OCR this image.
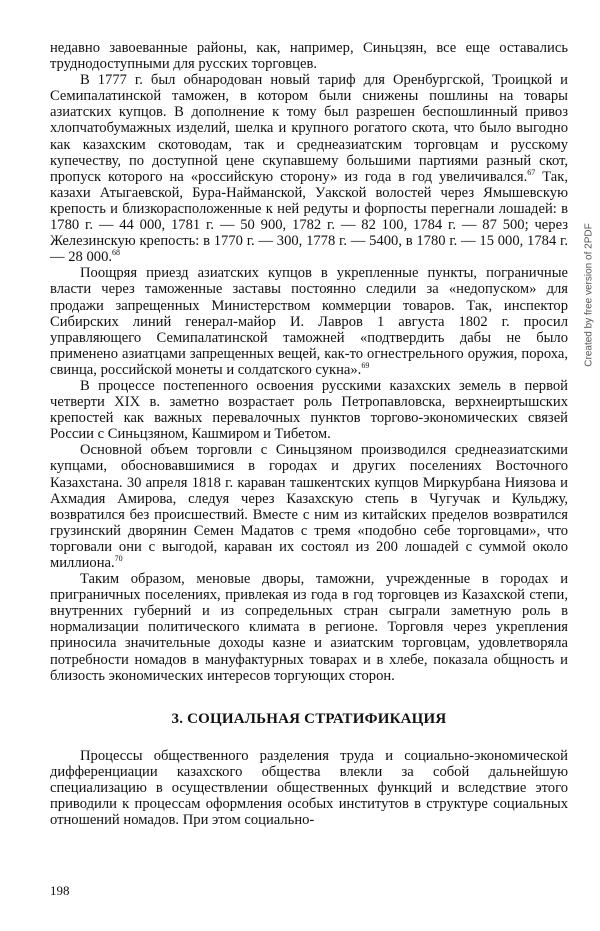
Created by free version of 2PDF

недавно завоеванные районы, как, например, Синьцзян, все еще оставались труднодоступными для русских торговцев.

В 1777 г. был обнародован новый тариф для Оренбургской, Троицкой и Семипалатинской таможен, в котором были снижены пошлины на товары азиатских купцов. В дополнение к тому был разрешен беспошлинный привоз хлопчатобумажных изделий, шелка и крупного рогатого скота, что было выгодно как казахским скотоводам, так и среднеазиатским торговцам и русскому купечеству, по доступной цене скупавшему большими партиями разный скот, пропуск которого на «российскую сторону» из года в год увеличивался.$^{67}$ Так, казахи Атыгаевской, Бура-Найманской, Уакской волостей через Ямышевскую крепость и близкорасположенные к ней редуты и форпосты перегнали лошадей: в 1780 г. — 44 000, 1781 г. — 50 900, 1782 г. — 82 100, 1784 г. — 87 500; через Железинскую крепость: в 1770 г. — 300, 1778 г. — 5400, в 1780 г. — 15 000, 1784 г. — 28 000.68

Поощряя приезд азиатских купцов в укрепленные пункты, пограничные власти через таможенные заставы постоянно следили за «недопуском» для продажи запрещенных Министерством коммерции товаров. Так, инспектор Сибирских линий генерал-майор И. Лавров 1 августа 1802 г. просил управляющего Семипалатинской таможней «подтвердить дабы не было применено азиатцами запрещенных вещей, как-то огнестрельного оружия, пороха, свинца, российской монеты и солдатского сукна».$^{69}$

В процессе постепенного освоения русскими казахских земель в первой четверти XIX в. заметно возрастает роль Петропавловска, верхнеиртышских крепостей как важных перевалочных пунктов торгово-экономических связей России с Синьцзяном, Кашмиром и Тибетом.

Основной объем торговли с Синьцзяном производился среднеазиатскими купцами, обосновавшимися в городах и других поселениях Восточного Казахстана. 30 апреля 1818 г. караван ташкентских купцов Миркурбана Ниязова и Ахмадия Амирова, следуя через Казахскую степь в Чугучак и Кульджу, возвратился без происшествий. Вместе с ним из китайских пределов возвратился грузинский дворянин Семен Мадатов с тремя «подобно себе торговцами», что торговали они с выгодой, караван их состоял из 200 лошадей с суммой около миллиона.$^{70}$

Таким образом, меновые дворы, таможни, учрежденные в городах и приграничных поселениях, привлекая из года в год торговцев из Казахской степи, внутренних губерний и из сопредельных стран сыграли заметную роль в нормализации политического климата в регионе. Торговля через укрепления приносила значительные доходы казне и азиатским торговцам, удовлетворяла потребности номадов в мануфактурных товарах и в хлебе, показала общность и близость экономических интересов торгующих сторон.

3. СОЦИАЛЬНАЯ СТРАТИФИКАЦИЯ

Процессы общественного разделения труда и социально-экономической дифференциации казахского общества влекли за собой дальнейшую специализацию в осуществлении общественных функций и вследствие этого приводили к процессам оформления особых институтов в структуре социальных отношений номадов. При этом социально-

198
